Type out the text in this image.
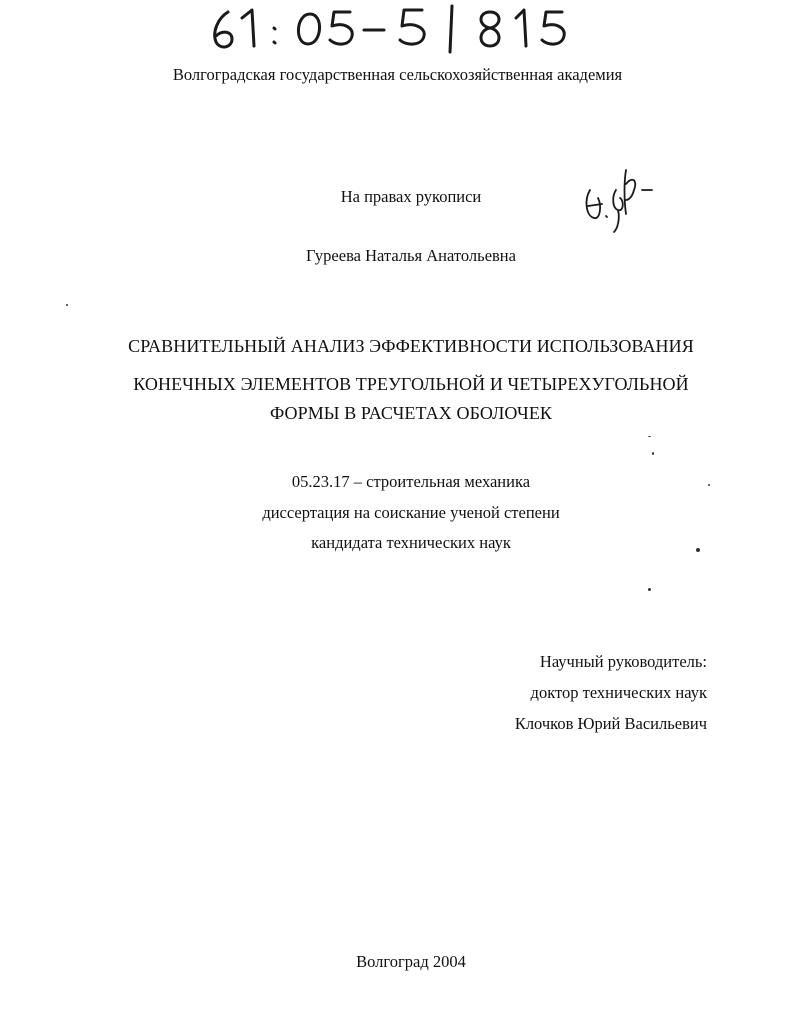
Волгоградская государственная сельскохозяйственная академия
На правах рукописи
Гуреева Наталья Анатольевна
СРАВНИТЕЛЬНЫЙ АНАЛИЗ ЭФФЕКТИВНОСТИ ИСПОЛЬЗОВАНИЯ
КОНЕЧНЫХ ЭЛЕМЕНТОВ ТРЕУГОЛЬНОЙ И ЧЕТЫРЕХУГОЛЬНОЙ
ФОРМЫ В РАСЧЕТАХ ОБОЛОЧЕК
05.23.17 – строительная механика
диссертация на соискание ученой степени
кандидата технических наук
Научный руководитель:
доктор технических наук
Клочков Юрий Васильевич
Волгоград 2004
